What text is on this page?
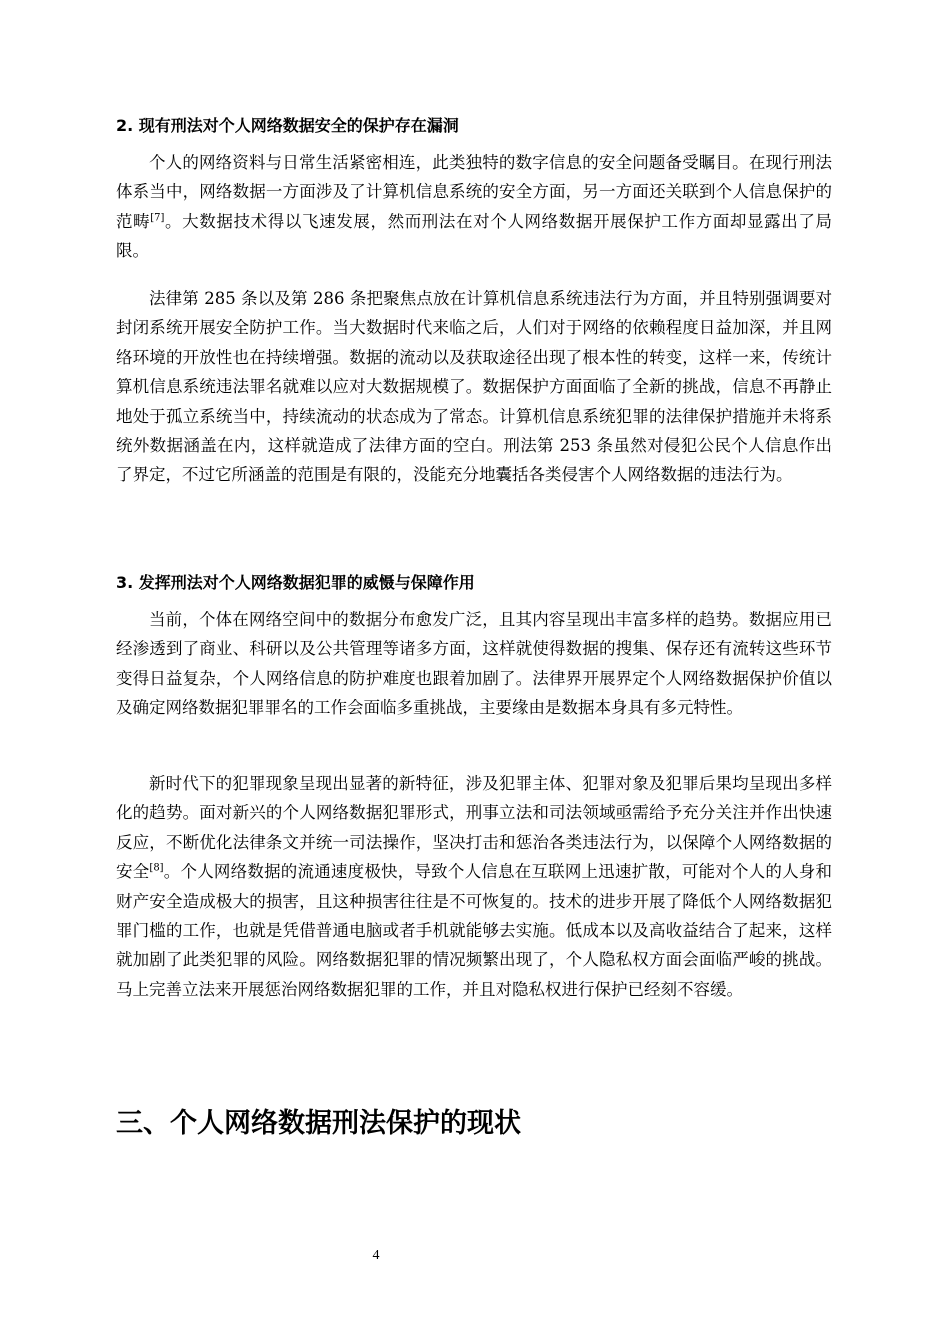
2. 现有刑法对个人网络数据安全的保护存在漏洞

个人的网络资料与日常生活紧密相连，此类独特的数字信息的安全问题备受瞩目。在现行刑法体系当中，网络数据一方面涉及了计算机信息系统的安全方面，另一方面还关联到个人信息保护的范畴[7]。大数据技术得以飞速发展，然而刑法在对个人网络数据开展保护工作方面却显露出了局限。

法律第 285 条以及第 286 条把聚焦点放在计算机信息系统违法行为方面，并且特别强调要对封闭系统开展安全防护工作。当大数据时代来临之后，人们对于网络的依赖程度日益加深，并且网络环境的开放性也在持续增强。数据的流动以及获取途径出现了根本性的转变，这样一来，传统计算机信息系统违法罪名就难以应对大数据规模了。数据保护方面面临了全新的挑战，信息不再静止地处于孤立系统当中，持续流动的状态成为了常态。计算机信息系统犯罪的法律保护措施并未将系统外数据涵盖在内，这样就造成了法律方面的空白。刑法第 253 条虽然对侵犯公民个人信息作出了界定，不过它所涵盖的范围是有限的，没能充分地囊括各类侵害个人网络数据的违法行为。

3. 发挥刑法对个人网络数据犯罪的威慑与保障作用

当前，个体在网络空间中的数据分布愈发广泛，且其内容呈现出丰富多样的趋势。数据应用已经渗透到了商业、科研以及公共管理等诸多方面，这样就使得数据的搜集、保存还有流转这些环节变得日益复杂，个人网络信息的防护难度也跟着加剧了。法律界开展界定个人网络数据保护价值以及确定网络数据犯罪罪名的工作会面临多重挑战，主要缘由是数据本身具有多元特性。

新时代下的犯罪现象呈现出显著的新特征，涉及犯罪主体、犯罪对象及犯罪后果均呈现出多样化的趋势。面对新兴的个人网络数据犯罪形式，刑事立法和司法领域亟需给予充分关注并作出快速反应，不断优化法律条文并统一司法操作，坚决打击和惩治各类违法行为，以保障个人网络数据的安全[8]。个人网络数据的流通速度极快，导致个人信息在互联网上迅速扩散，可能对个人的人身和财产安全造成极大的损害，且这种损害往往是不可恢复的。技术的进步开展了降低个人网络数据犯罪门槛的工作，也就是凭借普通电脑或者手机就能够去实施。低成本以及高收益结合了起来，这样就加剧了此类犯罪的风险。网络数据犯罪的情况频繁出现了，个人隐私权方面会面临严峻的挑战。马上完善立法来开展惩治网络数据犯罪的工作，并且对隐私权进行保护已经刻不容缓。

三、个人网络数据刑法保护的现状
4
